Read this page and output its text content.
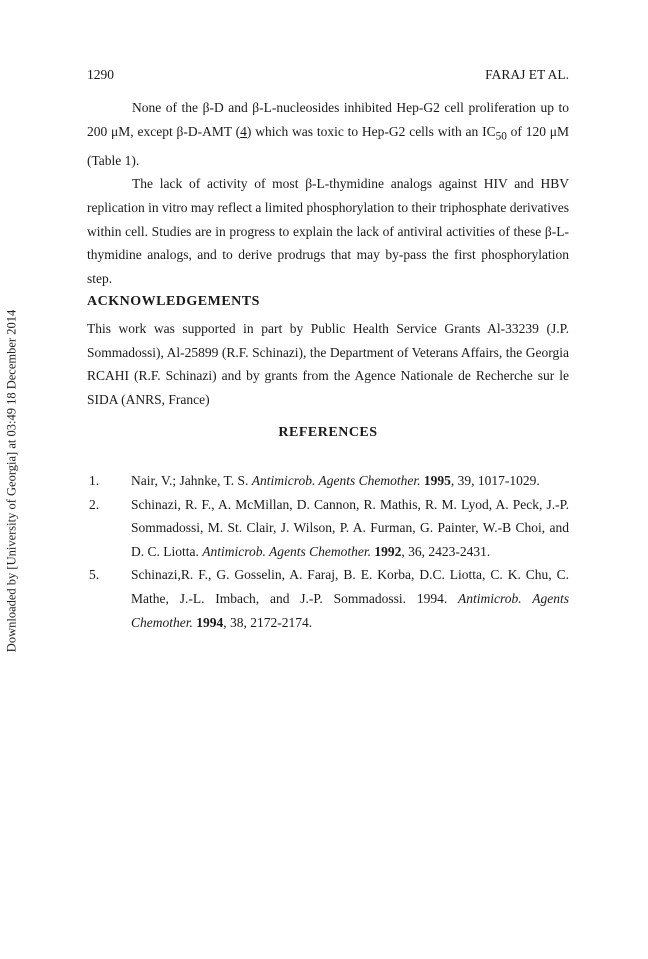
Downloaded by [University of Georgia] at 03:49 18 December 2014
1290	FARAJ ET AL.

None of the β-D and β-L-nucleosides inhibited Hep-G2 cell proliferation up to 200 μM, except β-D-AMT (4) which was toxic to Hep-G2 cells with an $IC_{50}$ of 120 μM (Table 1).

The lack of activity of most β-L-thymidine analogs against HIV and HBV replication in vitro may reflect a limited phosphorylation to their triphosphate derivatives within cell. Studies are in progress to explain the lack of antiviral activities of these β-L-thymidine analogs, and to derive prodrugs that may by-pass the first phosphorylation step.

ACKNOWLEDGEMENTS

This work was supported in part by Public Health Service Grants Al-33239 (J.P. Sommadossi), Al-25899 (R.F. Schinazi), the Department of Veterans Affairs, the Georgia RCAHI (R.F. Schinazi) and by grants from the Agence Nationale de Recherche sur le SIDA (ANRS, France)

REFERENCES
1. Nair, V.; Jahnke, T. S. Antimicrob. Agents Chemother. 1995, 39, 1017-1029.
2. Schinazi, R. F., A. McMillan, D. Cannon, R. Mathis, R. M. Lyod, A. Peck, J.-P. Sommadossi, M. St. Clair, J. Wilson, P. A. Furman, G. Painter, W.-B Choi, and D. C. Liotta. Antimicrob. Agents Chemother. 1992, 36, 2423-2431.
5. Schinazi,R. F., G. Gosselin, A. Faraj, B. E. Korba, D.C. Liotta, C. K. Chu, C. Mathe, J.-L. Imbach, and J.-P. Sommadossi. 1994. Antimicrob. Agents Chemother. 1994, 38, 2172-2174.
